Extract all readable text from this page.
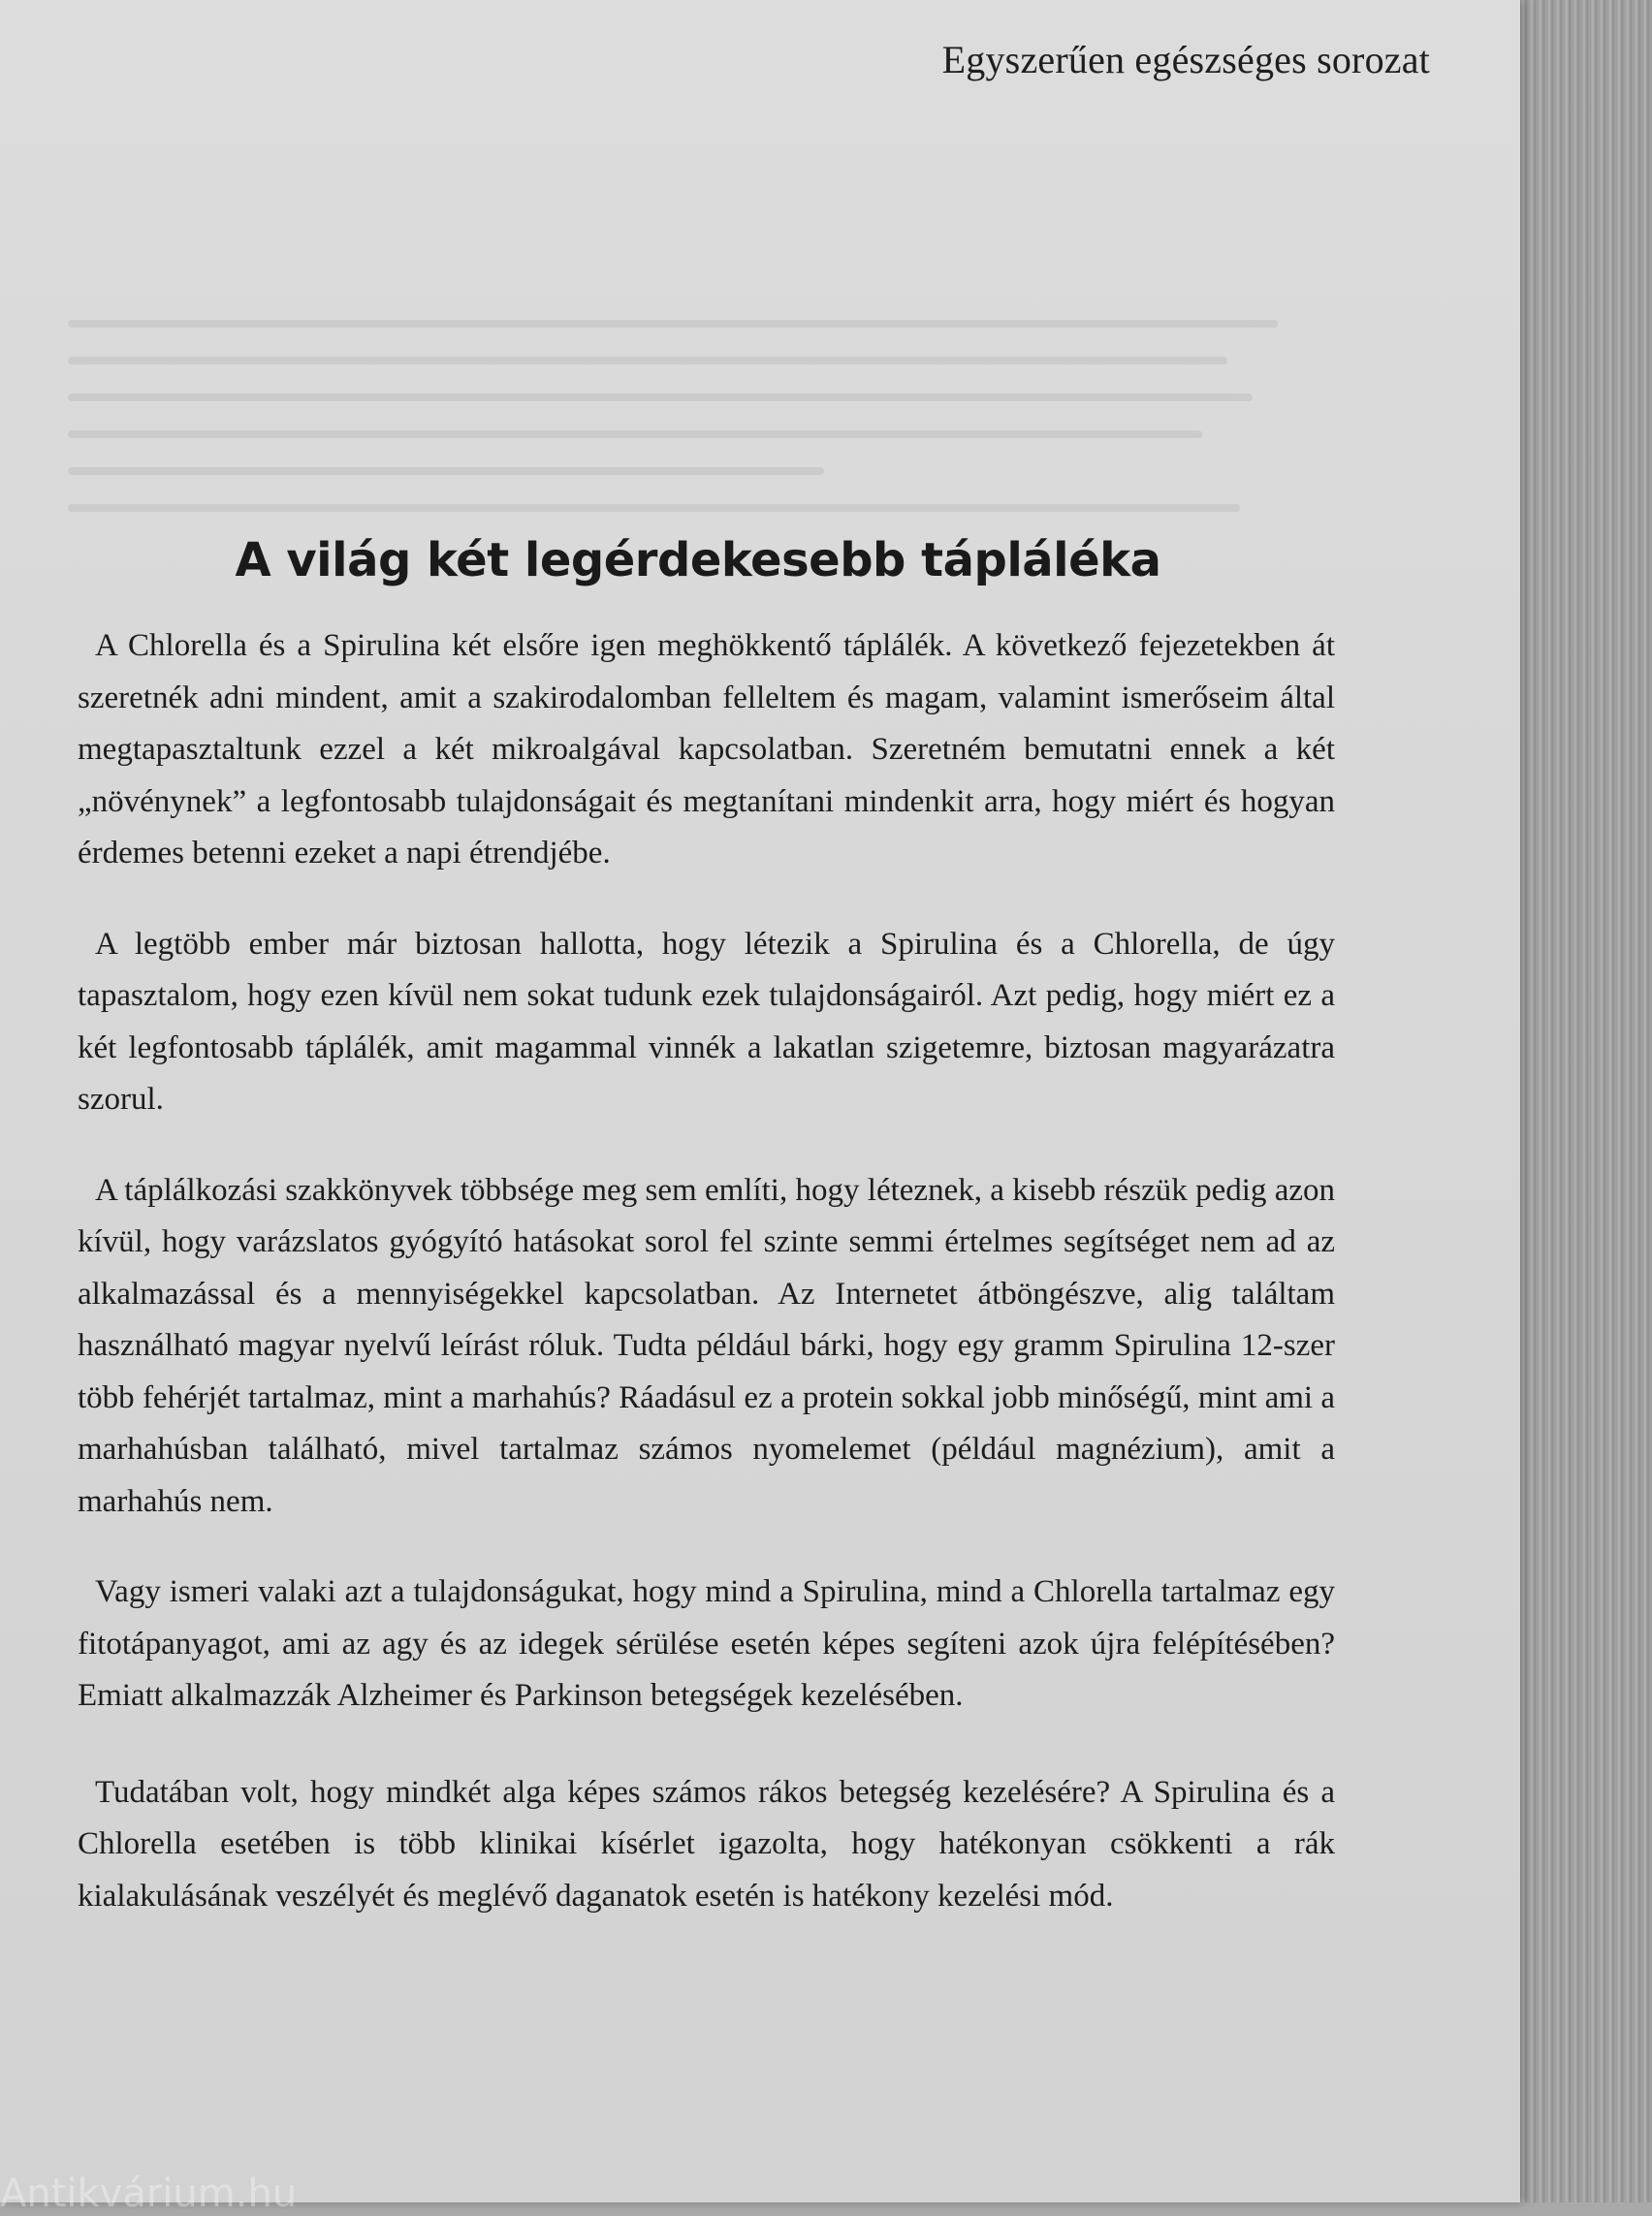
Egyszerűen egészséges sorozat
A világ két legérdekesebb tápláléka

A Chlorella és a Spirulina két elsőre igen meghökkentő táplálék. A következő fejezetekben át szeretnék adni mindent, amit a szakirodalomban felleltem és magam, valamint ismerőseim által megtapasztaltunk ezzel a két mikroalgával kapcsolatban. Szeretném bemutatni ennek a két „növénynek” a legfontosabb tulajdonságait és megtanítani mindenkit arra, hogy miért és hogyan érdemes betenni ezeket a napi étrendjébe.

A legtöbb ember már biztosan hallotta, hogy létezik a Spirulina és a Chlorella, de úgy tapasztalom, hogy ezen kívül nem sokat tudunk ezek tulajdonságairól. Azt pedig, hogy miért ez a két legfontosabb táplálék, amit magammal vinnék a lakatlan szigetemre, biztosan magyarázatra szorul.

A táplálkozási szakkönyvek többsége meg sem említi, hogy léteznek, a kisebb részük pedig azon kívül, hogy varázslatos gyógyító hatásokat sorol fel szinte semmi értelmes segítséget nem ad az alkalmazással és a mennyiségekkel kapcsolatban. Az Internetet átböngészve, alig találtam használható magyar nyelvű leírást róluk. Tudta például bárki, hogy egy gramm Spirulina 12-szer több fehérjét tartalmaz, mint a marhahús? Ráadásul ez a protein sokkal jobb minőségű, mint ami a marhahúsban található, mivel tartalmaz számos nyomelemet (például magnézium), amit a marhahús nem.

Vagy ismeri valaki azt a tulajdonságukat, hogy mind a Spirulina, mind a Chlorella tartalmaz egy fitotápanyagot, ami az agy és az idegek sérülése esetén képes segíteni azok újra felépítésében? Emiatt alkalmazzák Alzheimer és Parkinson betegségek kezelésében.

Tudatában volt, hogy mindkét alga képes számos rákos betegség kezelésére? A Spirulina és a Chlorella esetében is több klinikai kísérlet igazolta, hogy hatékonyan csökkenti a rák kialakulásának veszélyét és meglévő daganatok esetén is hatékony kezelési mód.

Antikvárium.hu
